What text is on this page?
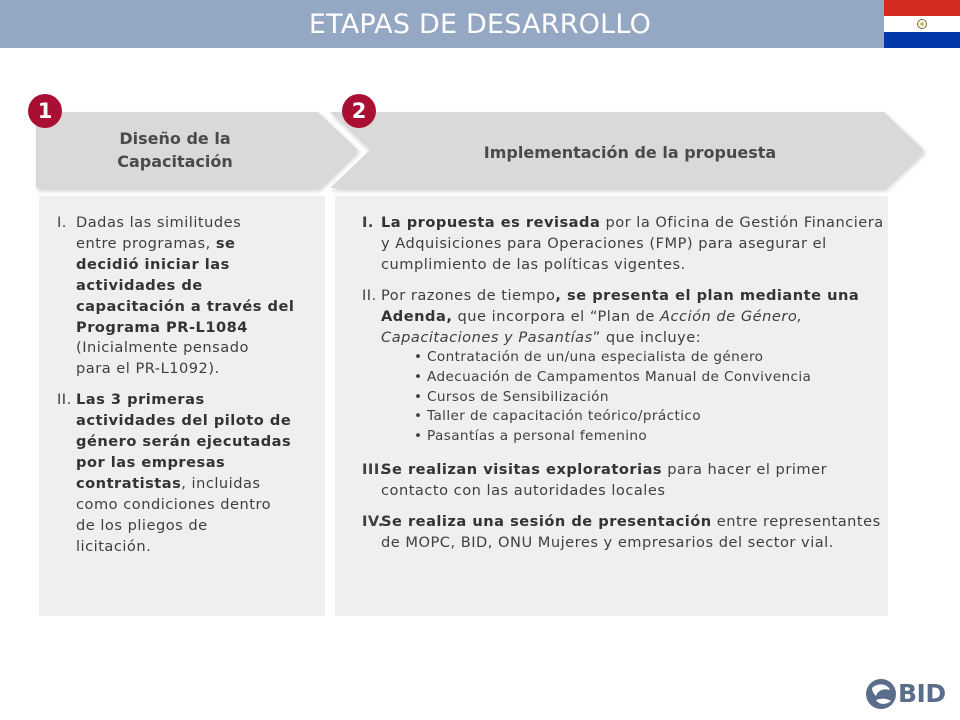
ETAPAS DE DESARROLLO
1	2
Diseño de la
Capacitación	Implementación de la propuesta
I. Dadas las similitudes
entre programas, se
decidió iniciar las
actividades de
capacitación a través del
Programa PR-L1084
(Inicialmente pensado
para el PR-L1092).
II. Las 3 primeras
actividades del piloto de
género serán ejecutadas
por las empresas
contratistas, incluidas
como condiciones dentro
de los pliegos de
licitación.
I. La propuesta es revisada por la Oficina de Gestión Financiera y Adquisiciones para Operaciones (FMP) para asegurar el cumplimiento de las políticas vigentes.
II. Por razones de tiempo, se presenta el plan mediante una Adenda, que incorpora el “Plan de Acción de Género, Capacitaciones y Pasantías” que incluye:
• Contratación de un/una especialista de género
• Adecuación de Campamentos Manual de Convivencia
• Cursos de Sensibilización
• Taller de capacitación teórico/práctico
• Pasantías a personal femenino
III.
Se realizan visitas exploratorias para hacer el primer contacto con las autoridades locales
IV.
Se realiza una sesión de presentación entre representantes de MOPC, BID, ONU Mujeres y empresarios del sector vial.
BID
